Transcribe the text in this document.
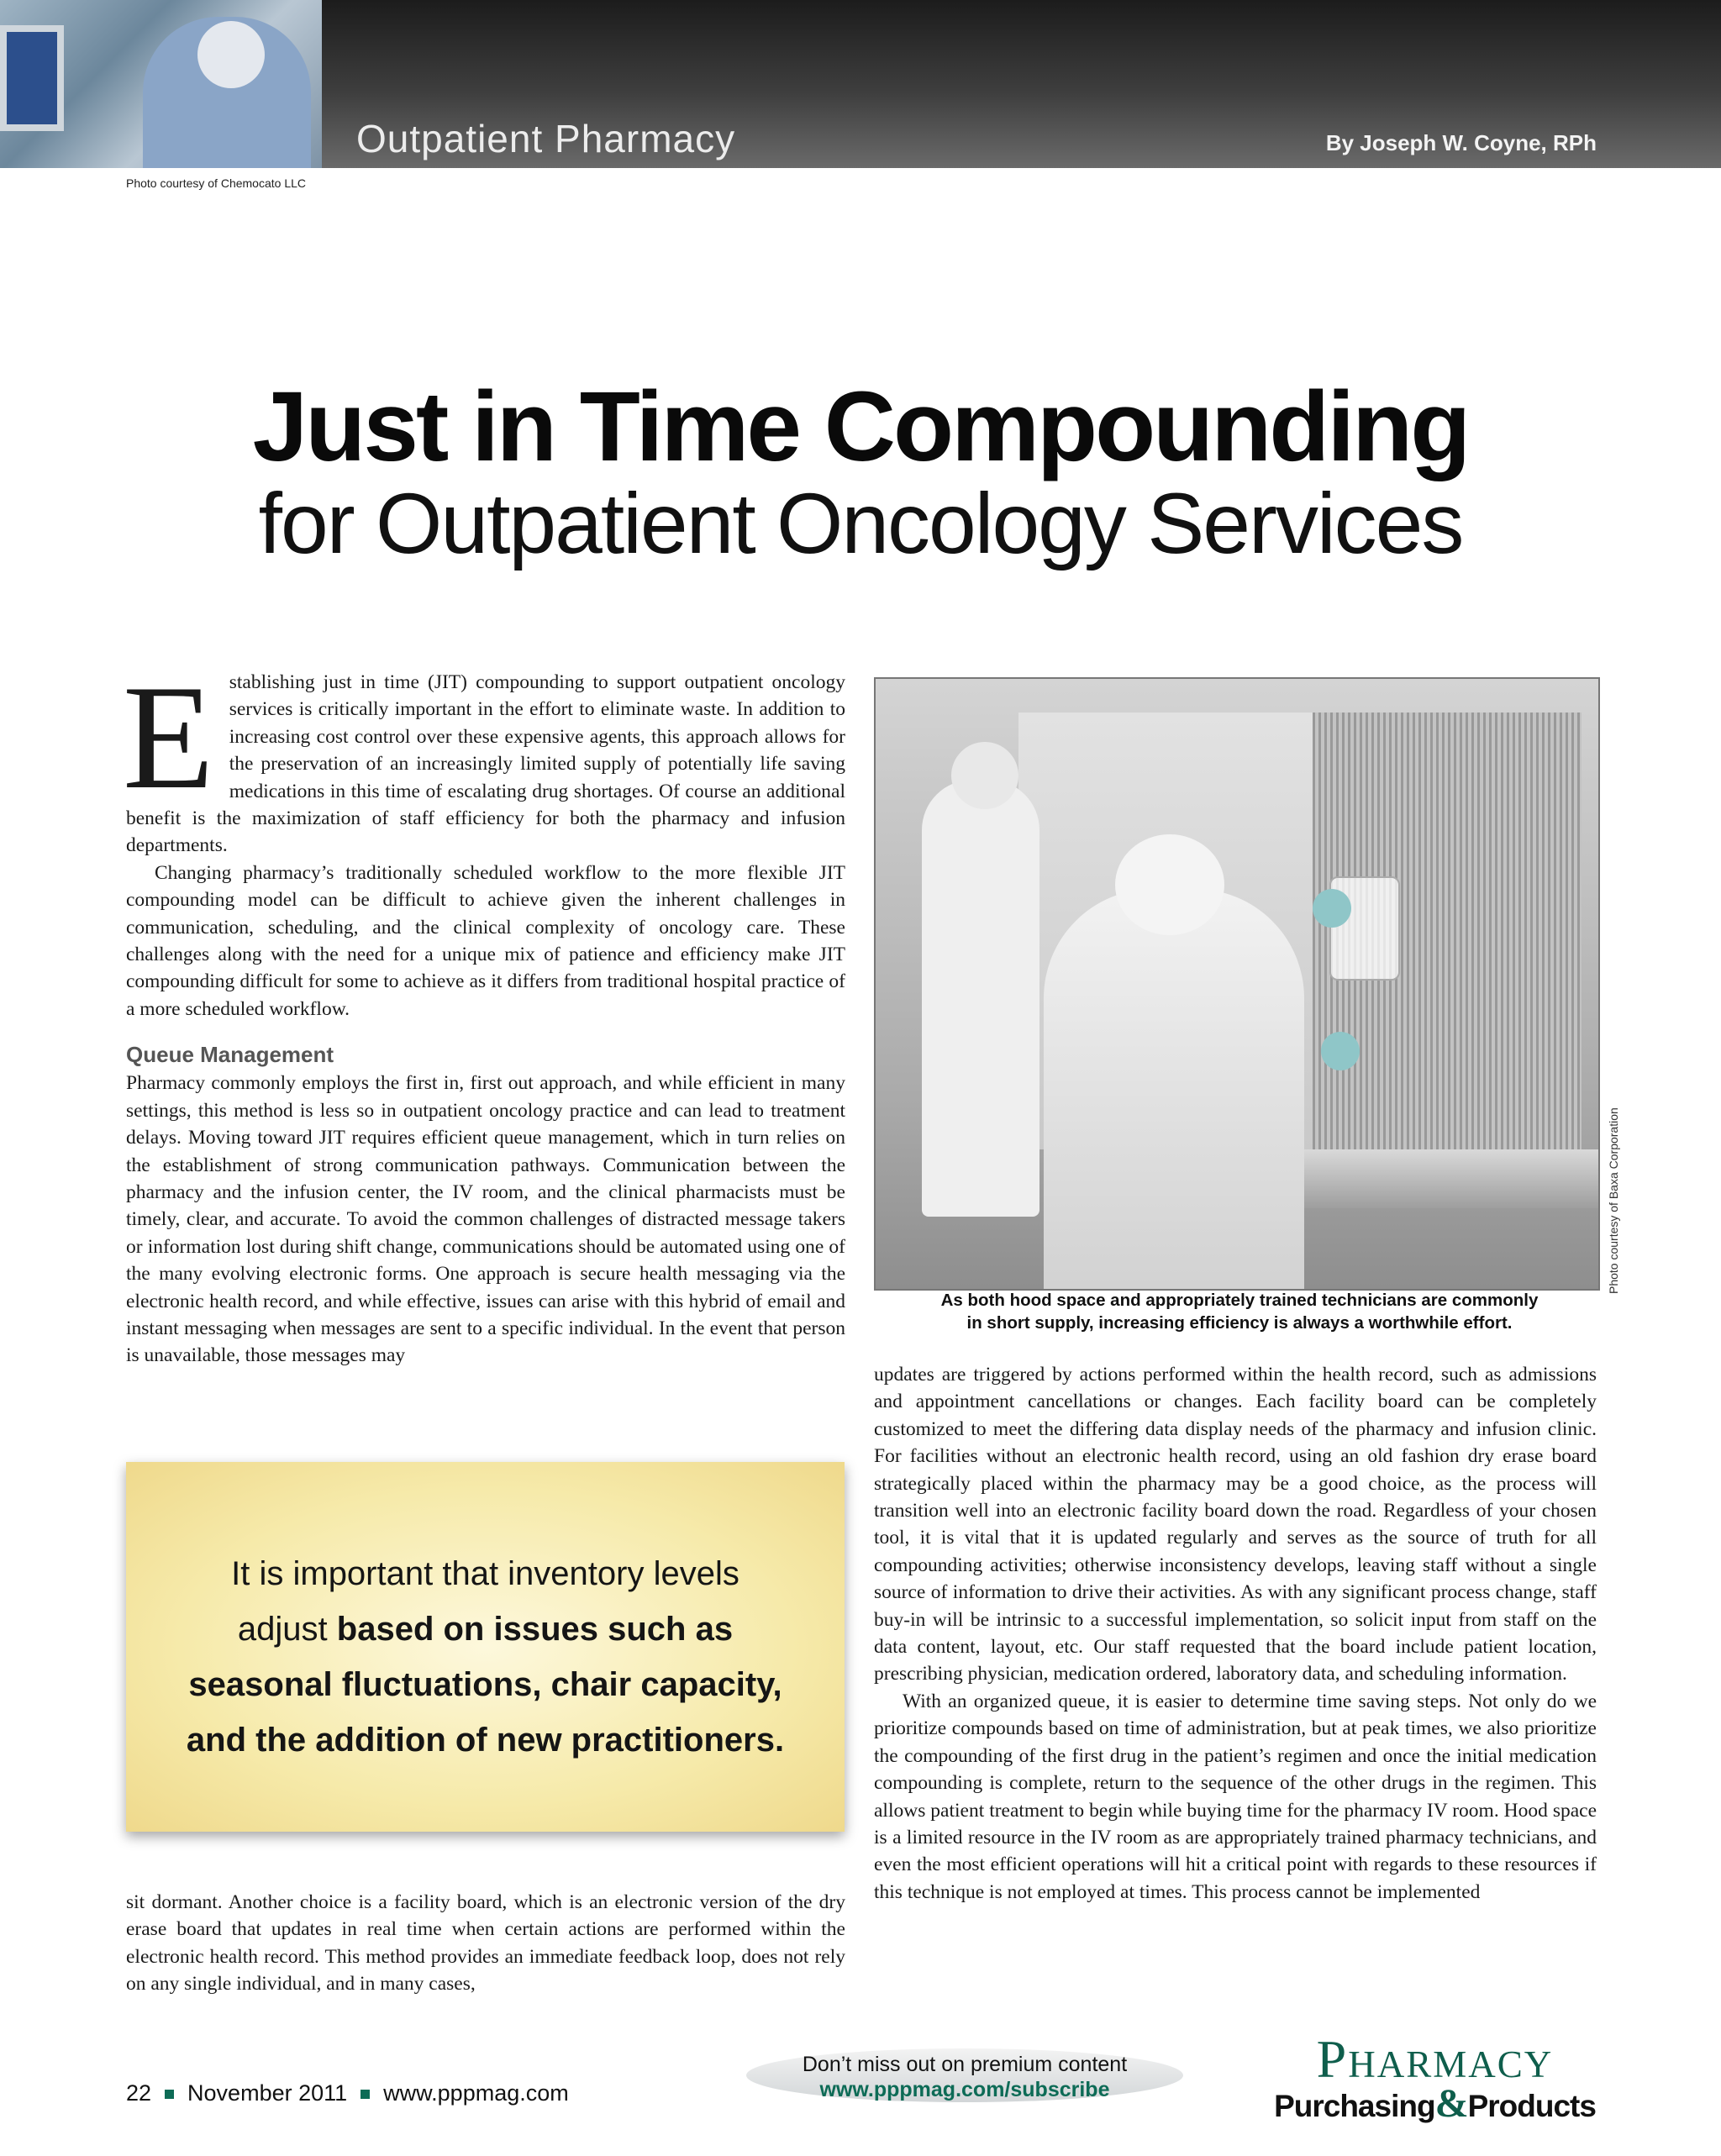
Outpatient Pharmacy	By Joseph W. Coyne, RPh
Photo courtesy of Chemocato LLC
Just in Time Compounding
for Outpatient Oncology Services
E stablishing just in time (JIT) compounding to support outpatient oncology services is critically important in the effort to eliminate waste. In addition to increasing cost control over these expensive agents, this approach allows for the preservation of an increasingly limited supply of potentially life saving medications in this time of escalating drug shortages. Of course an additional benefit is the maximization of staff efficiency for both the pharmacy and infusion departments.

Changing pharmacy’s traditionally scheduled workflow to the more flexible JIT compounding model can be difficult to achieve given the inherent challenges in communication, scheduling, and the clinical complexity of oncology care. These challenges along with the need for a unique mix of patience and efficiency make JIT compounding difficult for some to achieve as it differs from traditional hospital practice of a more scheduled workflow.

Queue Management

Pharmacy commonly employs the first in, first out approach, and while efficient in many settings, this method is less so in outpatient oncology practice and can lead to treatment delays. Moving toward JIT requires efficient queue management, which in turn relies on the establishment of strong communication pathways. Communication between the pharmacy and the infusion center, the IV room, and the clinical pharmacists must be timely, clear, and accurate. To avoid the common challenges of distracted message takers or information lost during shift change, communications should be automated using one of the many evolving electronic forms. One approach is secure health messaging via the electronic health record, and while effective, issues can arise with this hybrid of email and instant messaging when messages are sent to a specific individual. In the event that person is unavailable, those messages may

It is important that inventory levels
adjust based on issues such as
seasonal fluctuations, chair capacity,
and the addition of new practitioners.

sit dormant. Another choice is a facility board, which is an electronic version of the dry erase board that updates in real time when certain actions are performed within the electronic health record. This method provides an immediate feedback loop, does not rely on any single individual, and in many cases,

As both hood space and appropriately trained technicians are commonly
in short supply, increasing efficiency is always a worthwhile effort.
Photo courtesy of Baxa Corporation

updates are triggered by actions performed within the health record, such as admissions and appointment cancellations or changes. Each facility board can be completely customized to meet the differing data display needs of the pharmacy and infusion clinic. For facilities without an electronic health record, using an old fashion dry erase board strategically placed within the pharmacy may be a good choice, as the process will transition well into an electronic facility board down the road. Regardless of your chosen tool, it is vital that it is updated regularly and serves as the source of truth for all compounding activities; otherwise inconsistency develops, leaving staff without a single source of information to drive their activities. As with any significant process change, staff buy-in will be intrinsic to a successful implementation, so solicit input from staff on the data content, layout, etc. Our staff requested that the board include patient location, prescribing physician, medication ordered, laboratory data, and scheduling information.

With an organized queue, it is easier to determine time saving steps. Not only do we prioritize compounds based on time of administration, but at peak times, we also prioritize the compounding of the first drug in the patient’s regimen and once the initial medication compounding is complete, return to the sequence of the other drugs in the regimen. This allows patient treatment to begin while buying time for the pharmacy IV room. Hood space is a limited resource in the IV room as are appropriately trained pharmacy technicians, and even the most efficient operations will hit a critical point with regards to these resources if this technique is not employed at times. This process cannot be implemented

22 November 2011 www.pppmag.com
Don’t miss out on premium content
www.pppmag.com/subscribe
Pharmacy
Purchasing&Products
